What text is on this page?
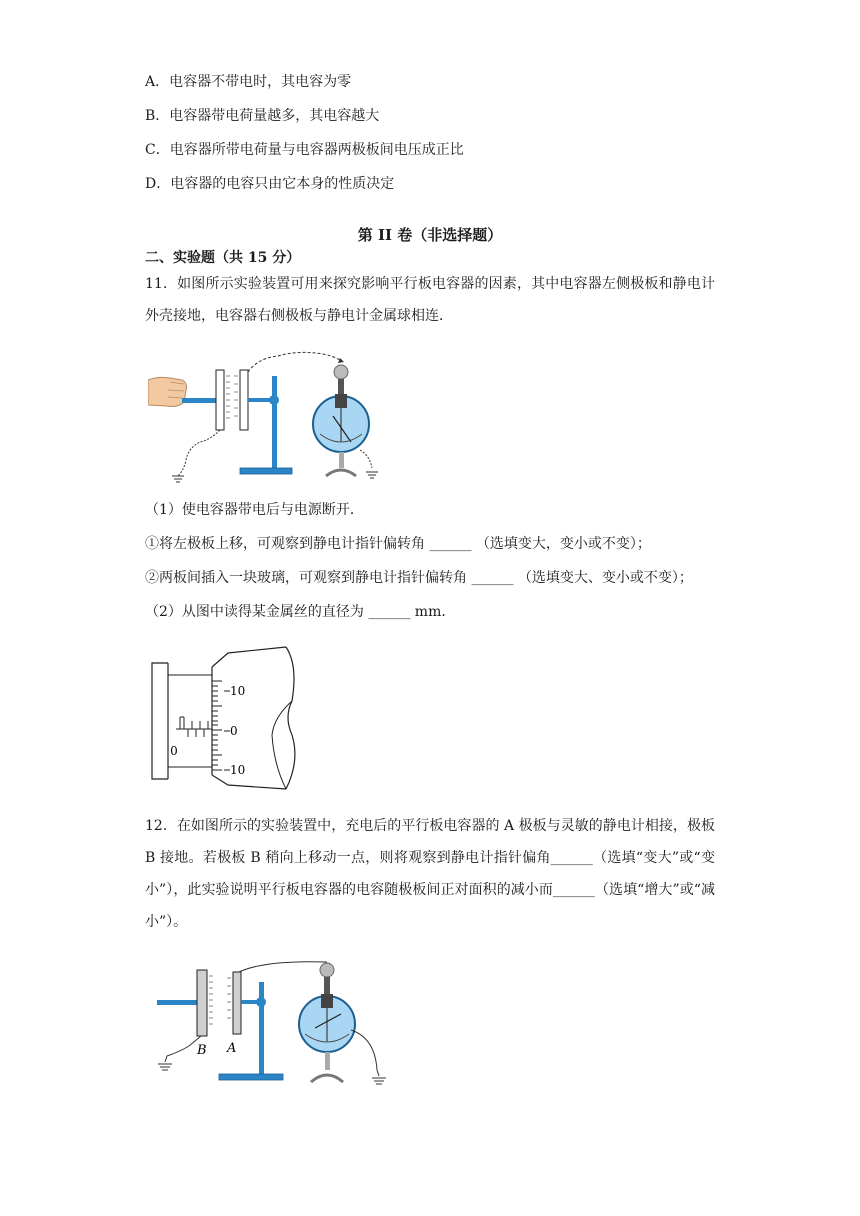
A．电容器不带电时，其电容为零
B．电容器带电荷量越多，其电容越大
C．电容器所带电荷量与电容器两极板间电压成正比
D．电容器的电容只由它本身的性质决定
第 II 卷（非选择题）
二、实验题（共 15 分）
11．如图所示实验装置可用来探究影响平行板电容器的因素，其中电容器左侧极板和静电计外壳接地，电容器右侧极板与静电计金属球相连．
（1）使电容器带电后与电源断开．
①将左极板上移，可观察到静电计指针偏转角 ______ （选填变大，变小或不变）；
②两板间插入一块玻璃，可观察到静电计指针偏转角 ______ （选填变大、变小或不变）；
（2）从图中读得某金属丝的直径为 ______ mm．
0
10
0
10
12．在如图所示的实验装置中，充电后的平行板电容器的 A 极板与灵敏的静电计相接，极板 B 接地。若极板 B 稍向上移动一点，则将观察到静电计指针偏角______（选填“变大”或“变小”），此实验说明平行板电容器的电容随极板间正对面积的减小而______（选填“增大”或“减小”）。
B A
